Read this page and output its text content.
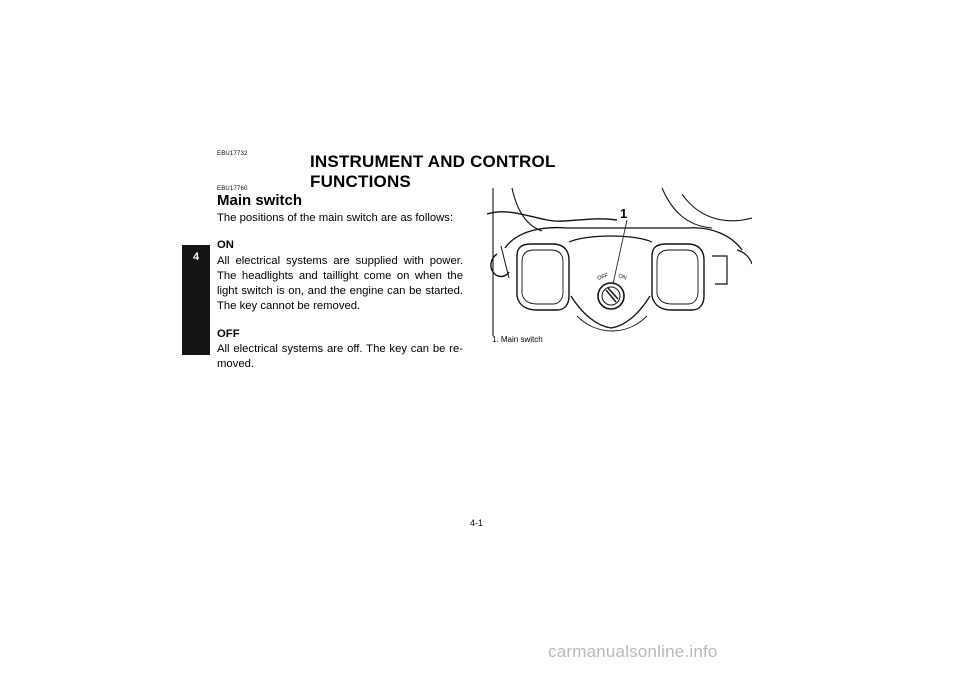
4
EBU17732	INSTRUMENT AND CONTROL FUNCTIONS
EBU17760
Main switch

The positions of the main switch are as follows:

ON

All electrical systems are supplied with power. The headlights and taillight come on when the light switch is on, and the engine can be started. The key cannot be removed.

OFF

All electrical systems are off. The key can be re-moved.

1
OFF ON
1. Main switch
4-1
carmanualsonline.info
